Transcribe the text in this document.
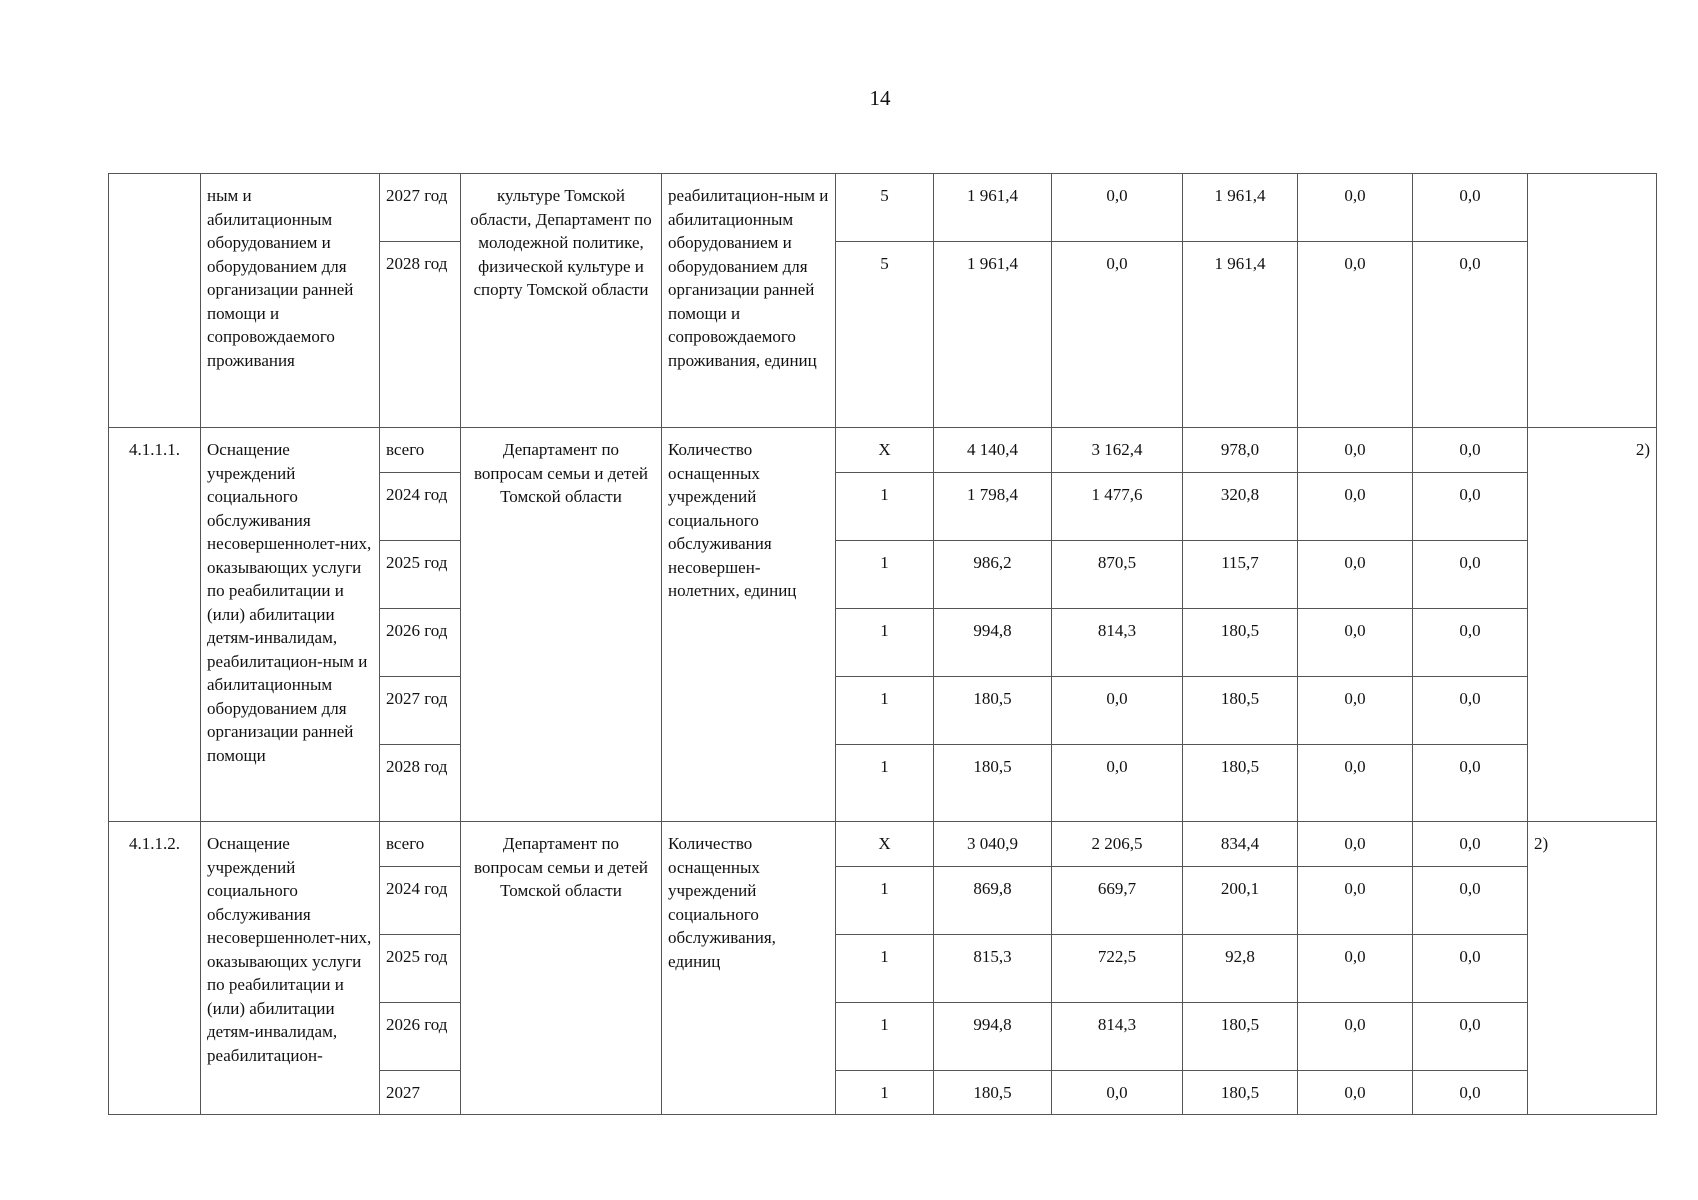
14
	ным и абилитационным оборудованием и оборудованием для организации ранней помощи и сопровождаемого проживания	2027 год	культуре Томской области, Департамент по молодежной политике, физической культуре и спорту Томской области	реабилитацион-ным и абилитационным оборудованием и оборудованием для организации ранней помощи и сопровождаемого проживания, единиц	5	1 961,4	0,0	1 961,4	0,0	0,0	
		2028 год			5	1 961,4	0,0	1 961,4	0,0	0,0	
4.1.1.1.	Оснащение учреждений социального обслуживания несовершеннолет-них, оказывающих услуги по реабилитации и (или) абилитации детям-инвалидам, реабилитацион-ным и абилитационным оборудованием для организации ранней помощи	всего	Департамент по вопросам семьи и детей Томской области	Количество оснащенных учреждений социального обслуживания несовершен-нолетних, единиц	Х	4 140,4	3 162,4	978,0	0,0	0,0	2)
		2024 год			1	1 798,4	1 477,6	320,8	0,0	0,0	
		2025 год			1	986,2	870,5	115,7	0,0	0,0	
		2026 год			1	994,8	814,3	180,5	0,0	0,0	
		2027 год			1	180,5	0,0	180,5	0,0	0,0	
		2028 год			1	180,5	0,0	180,5	0,0	0,0	
4.1.1.2.	Оснащение учреждений социального обслуживания несовершеннолет-них, оказывающих услуги по реабилитации и (или) абилитации детям-инвалидам, реабилитацион-	всего	Департамент по вопросам семьи и детей Томской области	Количество оснащенных учреждений социального обслуживания, единиц	Х	3 040,9	2 206,5	834,4	0,0	0,0	2)
		2024 год			1	869,8	669,7	200,1	0,0	0,0	
		2025 год			1	815,3	722,5	92,8	0,0	0,0	
		2026 год			1	994,8	814,3	180,5	0,0	0,0	
		2027			1	180,5	0,0	180,5	0,0	0,0	
